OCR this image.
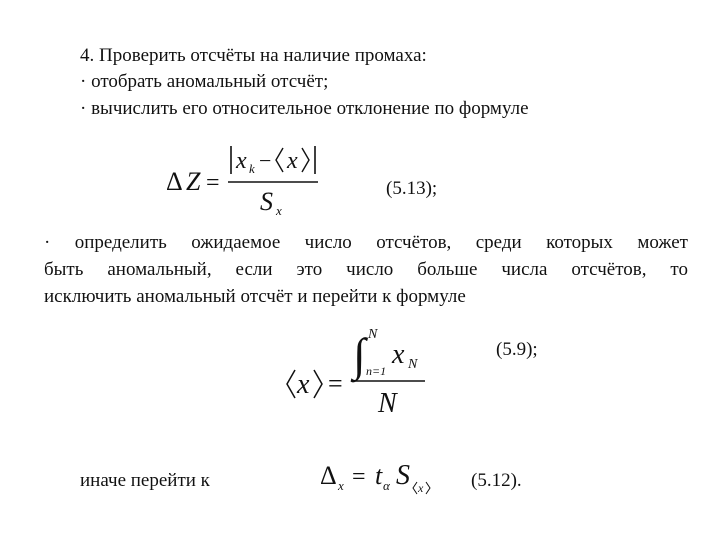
4. Проверить отсчёты на наличие промаха:
· отобрать аномальный отсчёт;
· вычислить его относительное отклонение по формуле
Δ Z =
x k − x
S x
(5.13);
· определить ожидаемое число отсчётов, среди которых может
быть аномальный, если это число больше числа отсчётов, то
исключить аномальный отсчёт и перейти к формуле
x =
∫ N
n=1
x N
N
(5.9);
иначе перейти к	Δ x = t α S x	(5.12).
